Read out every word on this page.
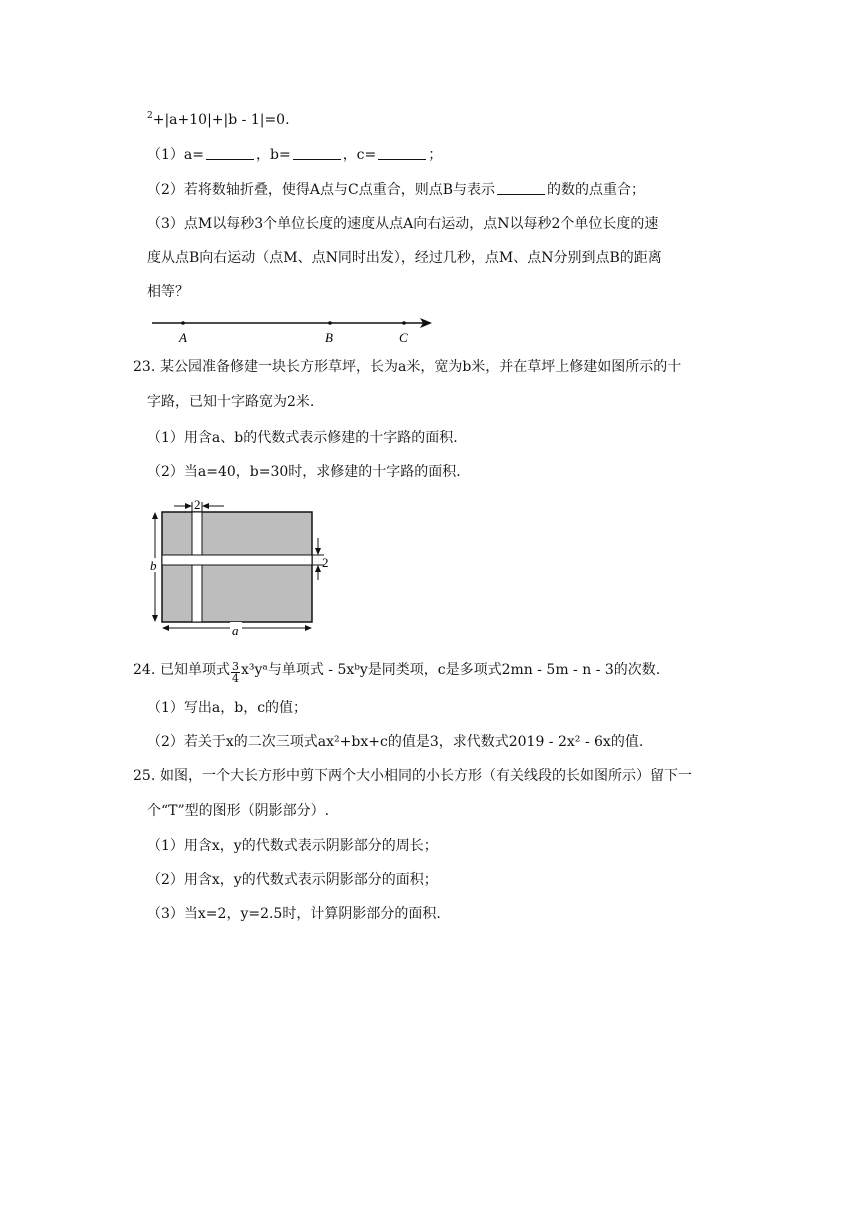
$^2$+|a+10|+|b - 1|=0.
（1）a=	，b=	，c=	；
（2）若将数轴折叠，使得A点与C点重合，则点B与表示	的数的点重合；
（3）点M以每秒3个单位长度的速度从点A向右运动，点N以每秒2个单位长度的速
度从点B向右运动（点M、点N同时出发），经过几秒，点M、点N分别到点B的距离
相等？
A	B	C
23. 某公园准备修建一块长方形草坪，长为a米，宽为b米，并在草坪上修建如图所示的十
字路，已知十字路宽为2米.
（1）用含a、b的代数式表示修建的十字路的面积.
（2）当a=40，b=30时，求修建的十字路的面积.
2
2
b
a
24. 已知单项式 $\frac{3}{4}$ x³yᵃ与单项式 - 5xᵇy是同类项，c是多项式2mn - 5m - n - 3的次数.
（1）写出a，b，c的值；
（2）若关于x的二次三项式ax²+bx+c的值是3，求代数式2019 - 2x² - 6x的值.
25. 如图，一个大长方形中剪下两个大小相同的小长方形（有关线段的长如图所示）留下一
个“T”型的图形（阴影部分）.
（1）用含x，y的代数式表示阴影部分的周长；
（2）用含x，y的代数式表示阴影部分的面积；
（3）当x=2，y=2.5时，计算阴影部分的面积.
